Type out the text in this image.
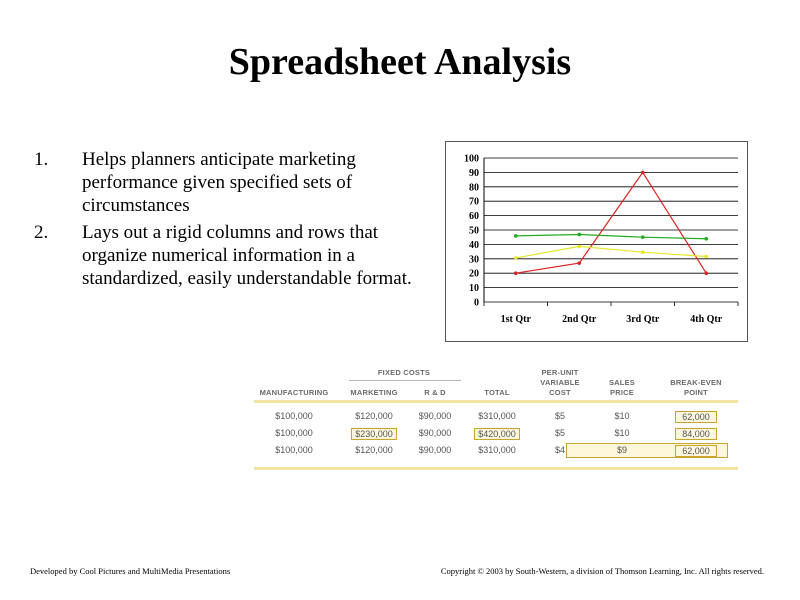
Spreadsheet Analysis
1. Helps planners anticipate marketing performance given specified sets of circumstances
2. Lays out a rigid columns and rows that organize numerical information in a standardized, easily understandable format.
0
10
20
30
40
50
60
70
80
90
100
1st Qtr	2nd Qtr	3rd Qtr	4th Qtr
FIXED COSTS
MANUFACTURING	MARKETING	R & D	TOTAL
PER-UNIT
VARIABLE
COST
SALES
PRICE
BREAK-EVEN
POINT
$100,000	$120,000	$90,000	$310,000	$5	$10	62,000
$100,000	$230,000	$90,000	$420,000	$5	$10	84,000
$100,000	$120,000	$90,000	$310,000	$4	$9	62,000
Developed by Cool Pictures and MultiMedia Presentations	Copyright © 2003 by South-Western, a division of Thomson Learning, Inc. All rights reserved.
